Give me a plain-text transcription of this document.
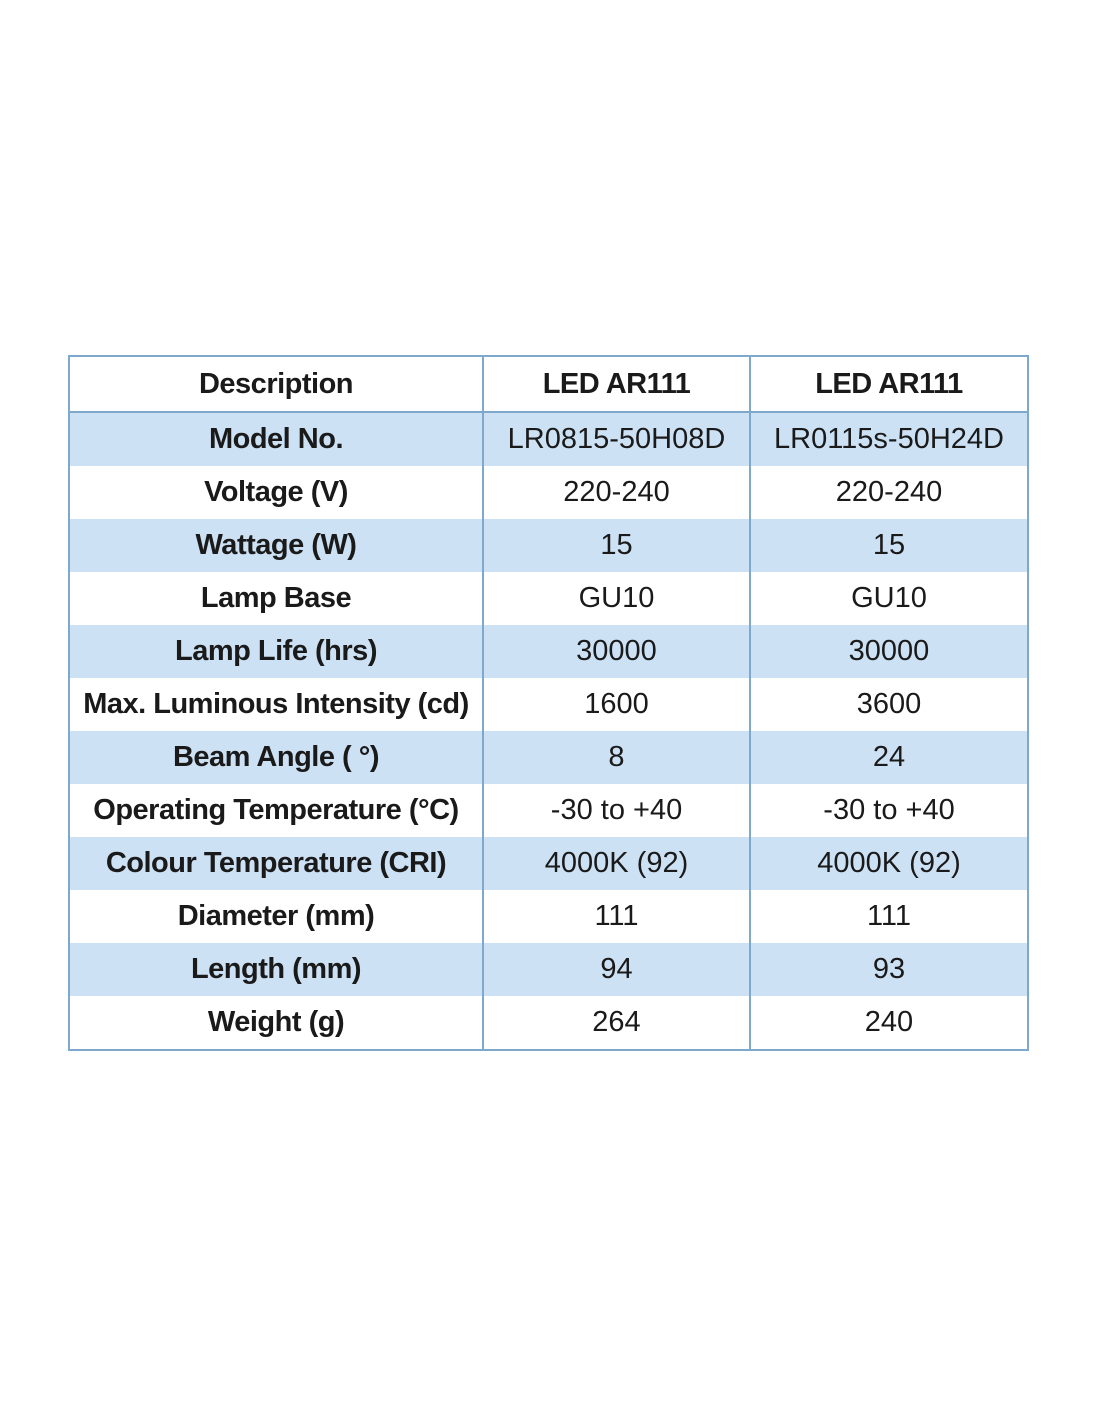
Description	LED AR111	LED AR111
Model No.	LR0815-50H08D	LR0115s-50H24D
Voltage (V)	220-240	220-240
Wattage (W)	15	15
Lamp Base	GU10	GU10
Lamp Life (hrs)	30000	30000
Max. Luminous Intensity (cd)	1600	3600
Beam Angle ( °)	8	24
Operating Temperature (°C)	-30 to +40	-30 to +40
Colour Temperature (CRI)	4000K (92)	4000K (92)
Diameter (mm)	111	111
Length (mm)	94	93
Weight (g)	264	240
